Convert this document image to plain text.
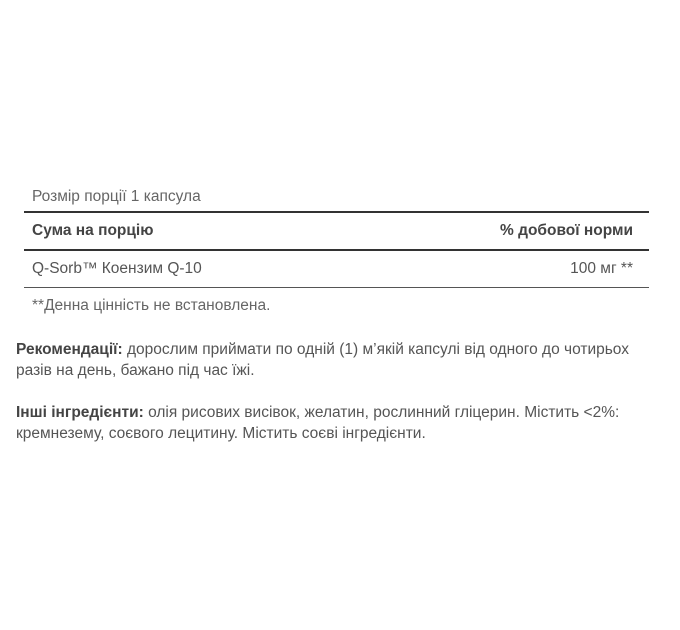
Розмір порції 1 капсула
Сума на порцію	% добової норми
Q-Sorb™ Коензим Q-10	100 мг **
**Денна цінність не встановлена.
Рекомендації: дорослим приймати по одній (1) м’якій капсулі від одного до чотирьох разів на день, бажано під час їжі.
Інші інгредієнти: олія рисових висівок, желатин, рослинний гліцерин. Містить <2%: кремнезему, соєвого лецитину. Містить соєві інгредієнти.
